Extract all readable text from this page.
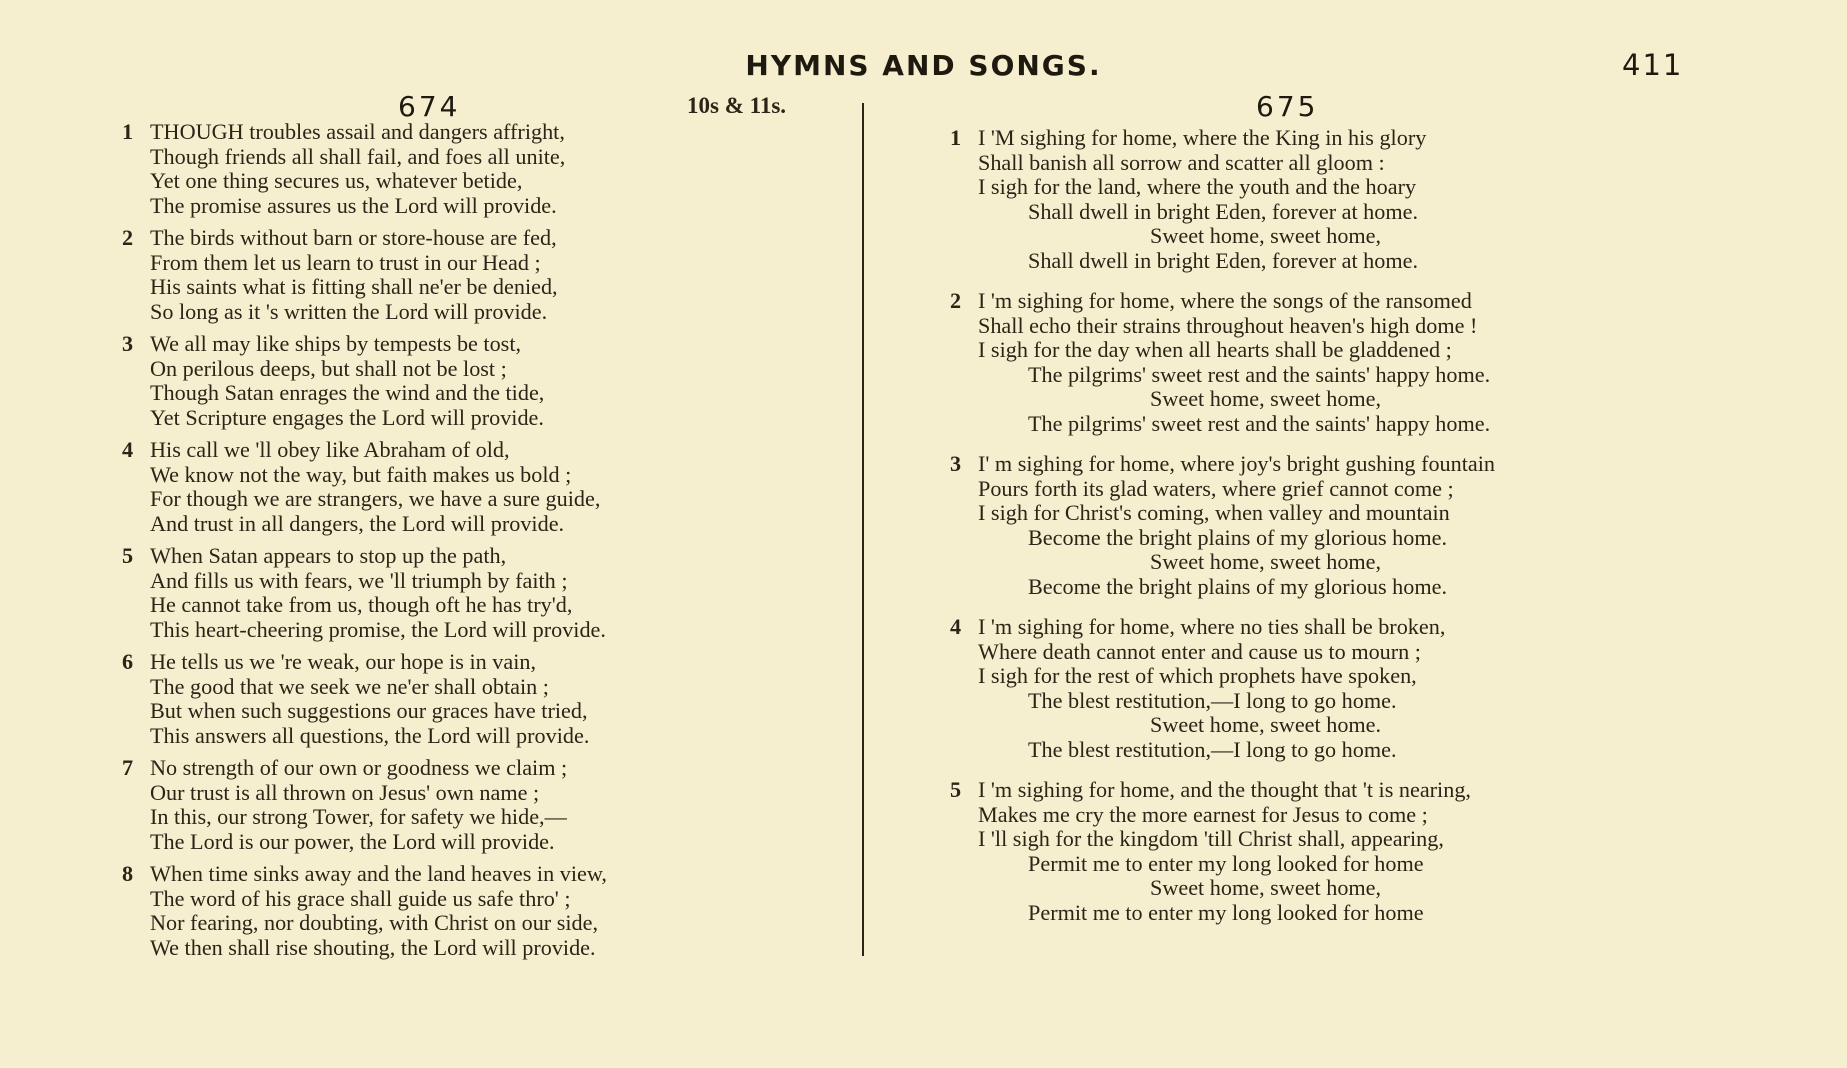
HYMNS AND SONGS.	411
674	10s & 11s.	675
1 THOUGH troubles assail and dangers affright,
Though friends all shall fail, and foes all unite,
Yet one thing secures us, whatever betide,
The promise assures us the Lord will provide.
2 The birds without barn or store-house are fed,
From them let us learn to trust in our Head ;
His saints what is fitting shall ne'er be denied,
So long as it 's written the Lord will provide.
3 We all may like ships by tempests be tost,
On perilous deeps, but shall not be lost ;
Though Satan enrages the wind and the tide,
Yet Scripture engages the Lord will provide.
4 His call we 'll obey like Abraham of old,
We know not the way, but faith makes us bold ;
For though we are strangers, we have a sure guide,
And trust in all dangers, the Lord will provide.
5 When Satan appears to stop up the path,
And fills us with fears, we 'll triumph by faith ;
He cannot take from us, though oft he has try'd,
This heart-cheering promise, the Lord will provide.
6 He tells us we 're weak, our hope is in vain,
The good that we seek we ne'er shall obtain ;
But when such suggestions our graces have tried,
This answers all questions, the Lord will provide.
7 No strength of our own or goodness we claim ;
Our trust is all thrown on Jesus' own name ;
In this, our strong Tower, for safety we hide,—
The Lord is our power, the Lord will provide.
8 When time sinks away and the land heaves in view,
The word of his grace shall guide us safe thro' ;
Nor fearing, nor doubting, with Christ on our side,
We then shall rise shouting, the Lord will provide.
1 I 'M sighing for home, where the King in his glory
Shall banish all sorrow and scatter all gloom :
I sigh for the land, where the youth and the hoary
Shall dwell in bright Eden, forever at home.
Sweet home, sweet home,
Shall dwell in bright Eden, forever at home.
2 I 'm sighing for home, where the songs of the ransomed
Shall echo their strains throughout heaven's high dome !
I sigh for the day when all hearts shall be gladdened ;
The pilgrims' sweet rest and the saints' happy home.
Sweet home, sweet home,
The pilgrims' sweet rest and the saints' happy home.
3 I' m sighing for home, where joy's bright gushing fountain
Pours forth its glad waters, where grief cannot come ;
I sigh for Christ's coming, when valley and mountain
Become the bright plains of my glorious home.
Sweet home, sweet home,
Become the bright plains of my glorious home.
4 I 'm sighing for home, where no ties shall be broken,
Where death cannot enter and cause us to mourn ;
I sigh for the rest of which prophets have spoken,
The blest restitution,—I long to go home.
Sweet home, sweet home.
The blest restitution,—I long to go home.
5 I 'm sighing for home, and the thought that 't is nearing,
Makes me cry the more earnest for Jesus to come ;
I 'll sigh for the kingdom 'till Christ shall, appearing,
Permit me to enter my long looked for home
Sweet home, sweet home,
Permit me to enter my long looked for home
